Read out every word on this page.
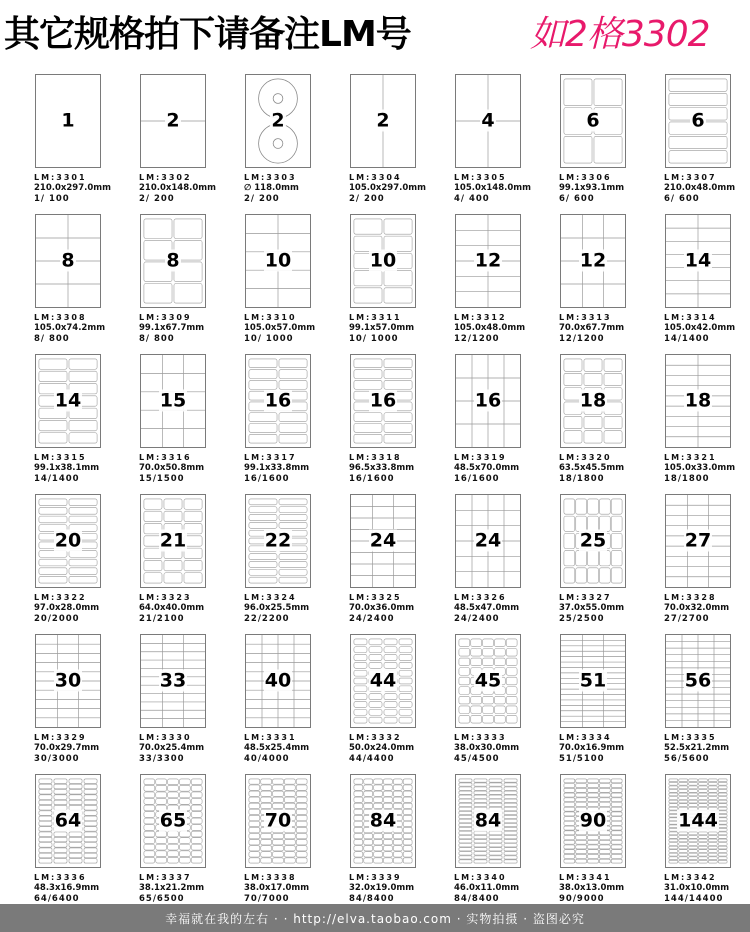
其它规格拍下请备注LM号	如2格3302
1
LM:3301
210.0x297.0mm
1/ 100
2
LM:3302
210.0x148.0mm
2/ 200
2
LM:3303
∅ 118.0mm
2/ 200
2
LM:3304
105.0x297.0mm
2/ 200
4
LM:3305
105.0x148.0mm
4/ 400
6
LM:3306
99.1x93.1mm
6/ 600
6
LM:3307
210.0x48.0mm
6/ 600
8
LM:3308
105.0x74.2mm
8/ 800
8
LM:3309
99.1x67.7mm
8/ 800
10
LM:3310
105.0x57.0mm
10/ 1000
10
LM:3311
99.1x57.0mm
10/ 1000
12
LM:3312
105.0x48.0mm
12/1200
12
LM:3313
70.0x67.7mm
12/1200
14
LM:3314
105.0x42.0mm
14/1400
14
LM:3315
99.1x38.1mm
14/1400
15
LM:3316
70.0x50.8mm
15/1500
16
LM:3317
99.1x33.8mm
16/1600
16
LM:3318
96.5x33.8mm
16/1600
16
LM:3319
48.5x70.0mm
16/1600
18
LM:3320
63.5x45.5mm
18/1800
18
LM:3321
105.0x33.0mm
18/1800
20
LM:3322
97.0x28.0mm
20/2000
21
LM:3323
64.0x40.0mm
21/2100
22
LM:3324
96.0x25.5mm
22/2200
24
LM:3325
70.0x36.0mm
24/2400
24
LM:3326
48.5x47.0mm
24/2400
25
LM:3327
37.0x55.0mm
25/2500
27
LM:3328
70.0x32.0mm
27/2700
30
LM:3329
70.0x29.7mm
30/3000
33
LM:3330
70.0x25.4mm
33/3300
40
LM:3331
48.5x25.4mm
40/4000
44
LM:3332
50.0x24.0mm
44/4400
45
LM:3333
38.0x30.0mm
45/4500
51
LM:3334
70.0x16.9mm
51/5100
56
LM:3335
52.5x21.2mm
56/5600
64
LM:3336
48.3x16.9mm
64/6400
65
LM:3337
38.1x21.2mm
65/6500
70
LM:3338
38.0x17.0mm
70/7000
84
LM:3339
32.0x19.0mm
84/8400
84
LM:3340
46.0x11.0mm
84/8400
90
LM:3341
38.0x13.0mm
90/9000
144
LM:3342
31.0x10.0mm
144/14400
幸福就在我的左右 · · http://elva.taobao.com · 实物拍摄 · 盗图必究
